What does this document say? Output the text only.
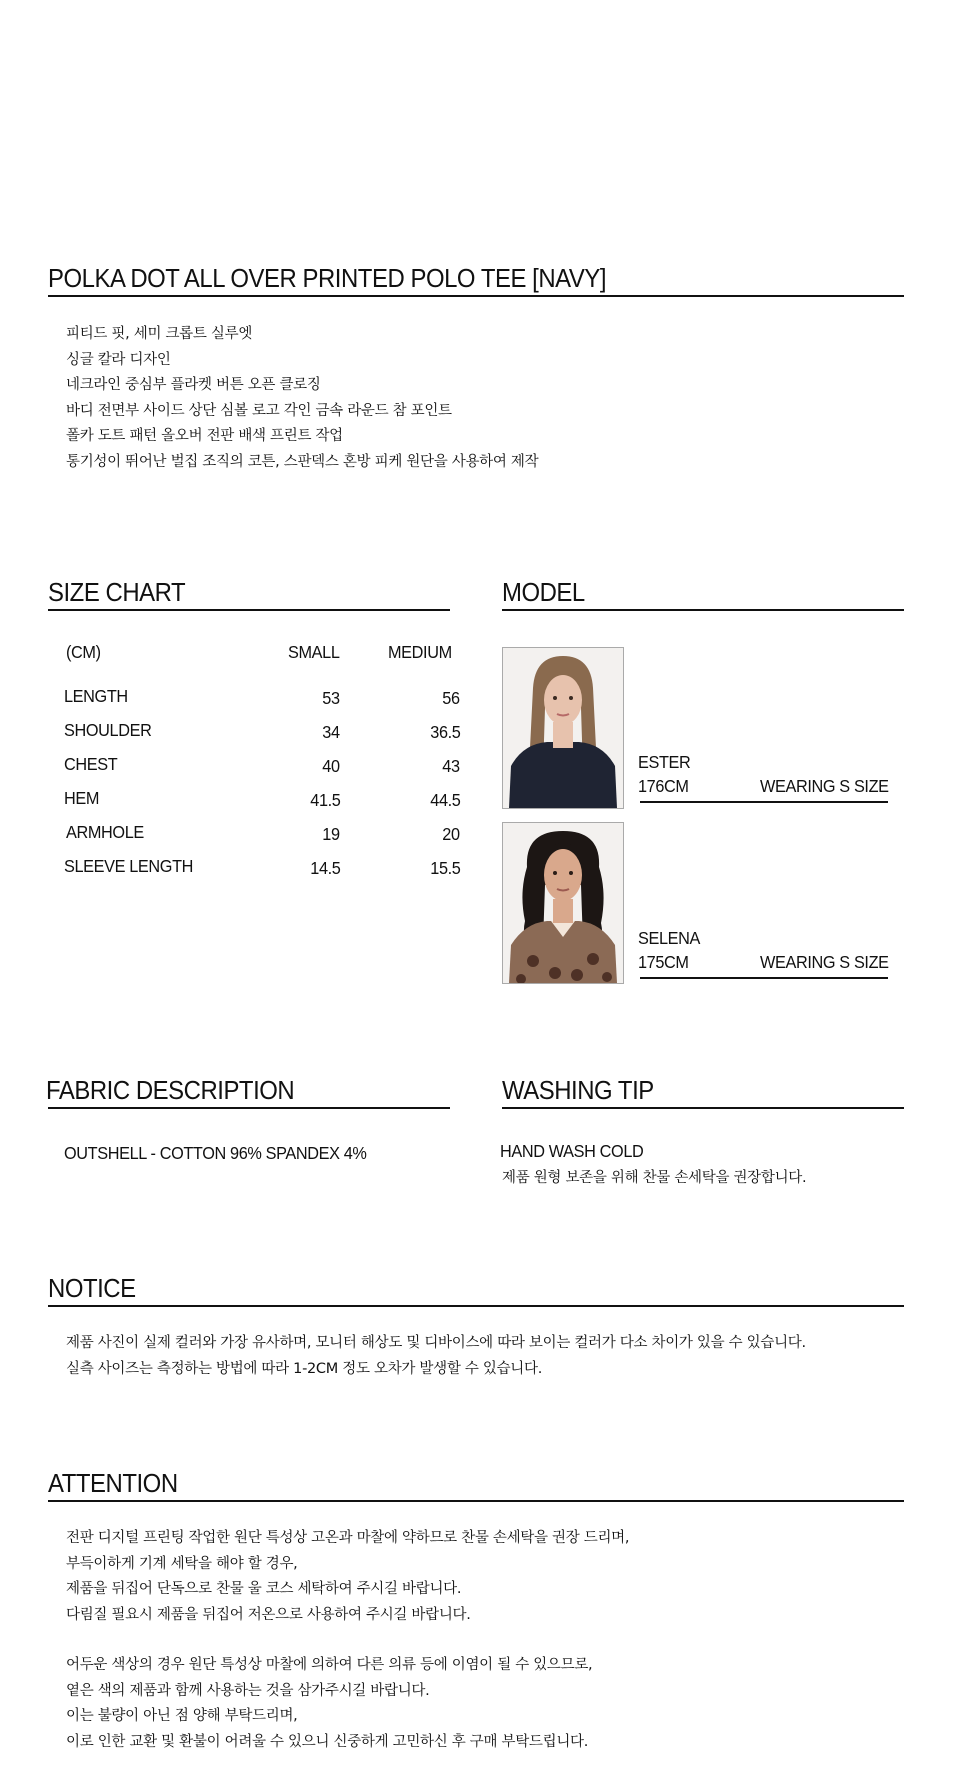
POLKA DOT ALL OVER PRINTED POLO TEE [NAVY]
피티드 핏, 세미 크롭트 실루엣
싱글 칼라 디자인
네크라인 중심부 플라켓 버튼 오픈 클로징
바디 전면부 사이드 상단 심볼 로고 각인 금속 라운드 참 포인트
폴카 도트 패턴 올오버 전판 배색 프린트 작업
통기성이 뛰어난 벌집 조직의 코튼, 스판덱스 혼방 피케 원단을 사용하여 제작
SIZE CHART
(CM)	SMALL	MEDIUM
LENGTH	53	56
SHOULDER	34	36.5
CHEST	40	43
HEM	41.5	44.5
ARMHOLE	19	20
SLEEVE LENGTH	14.5	15.5
MODEL
ESTER
176CM	WEARING S SIZE
SELENA
175CM	WEARING S SIZE
FABRIC DESCRIPTION
OUTSHELL - COTTON 96% SPANDEX 4%
WASHING TIP
HAND WASH COLD
제품 원형 보존을 위해 찬물 손세탁을 권장합니다.
NOTICE
제품 사진이 실제 컬러와 가장 유사하며, 모니터 해상도 및 디바이스에 따라 보이는 컬러가 다소 차이가 있을 수 있습니다.
실측 사이즈는 측정하는 방법에 따라 1-2CM 정도 오차가 발생할 수 있습니다.
ATTENTION
전판 디지털 프린팅 작업한 원단 특성상 고온과 마찰에 약하므로 찬물 손세탁을 권장 드리며,
부득이하게 기계 세탁을 해야 할 경우,
제품을 뒤집어 단독으로 찬물 울 코스 세탁하여 주시길 바랍니다.
다림질 필요시 제품을 뒤집어 저온으로 사용하여 주시길 바랍니다.
어두운 색상의 경우 원단 특성상 마찰에 의하여 다른 의류 등에 이염이 될 수 있으므로,
옅은 색의 제품과 함께 사용하는 것을 삼가주시길 바랍니다.
이는 불량이 아닌 점 양해 부탁드리며,
이로 인한 교환 및 환불이 어려울 수 있으니 신중하게 고민하신 후 구매 부탁드립니다.
